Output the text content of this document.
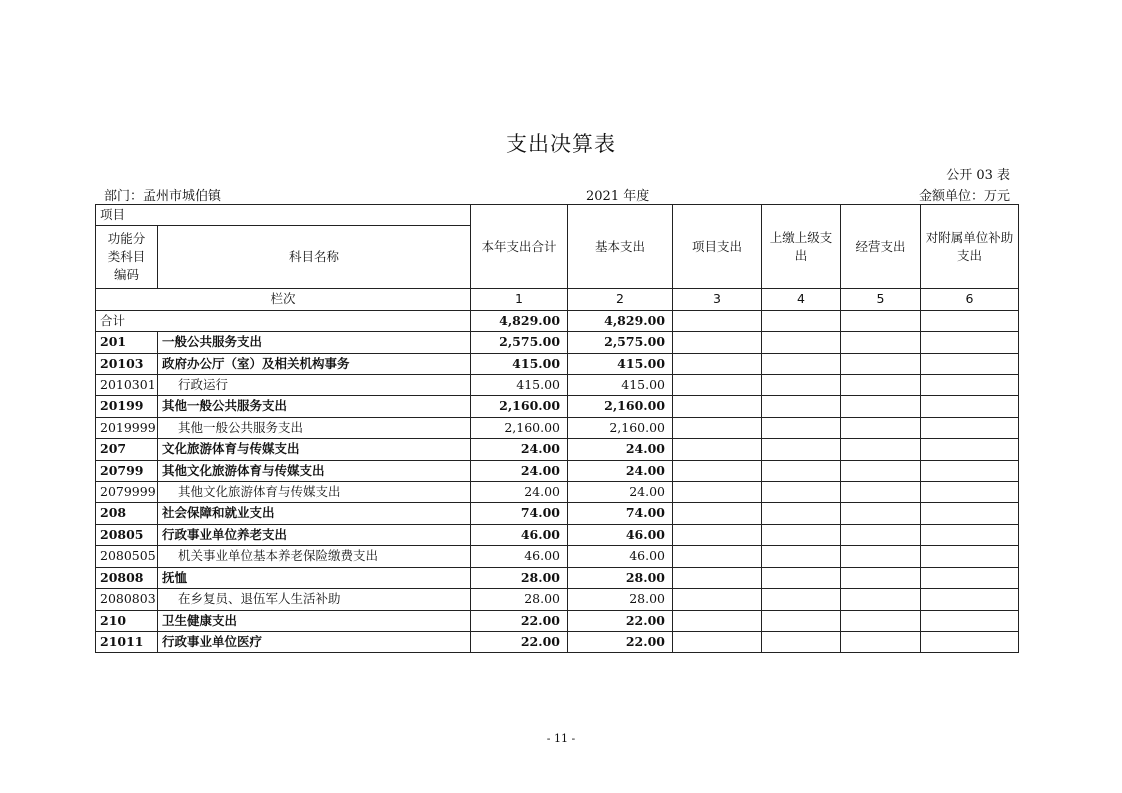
支出决算表
公开 03 表
部门：孟州市城伯镇	2021 年度	金额单位：万元
项目		本年支出合计	基本支出	项目支出	上缴上级支出	经营支出	对附属单位补助支出
功能分类科目编码	科目名称						
栏次		1	2	3	4	5	6
合计		4,829.00	4,829.00				
201	一般公共服务支出	2,575.00	2,575.00				
20103	政府办公厅（室）及相关机构事务	415.00	415.00				
2010301	行政运行	415.00	415.00				
20199	其他一般公共服务支出	2,160.00	2,160.00				
2019999	其他一般公共服务支出	2,160.00	2,160.00				
207	文化旅游体育与传媒支出	24.00	24.00				
20799	其他文化旅游体育与传媒支出	24.00	24.00				
2079999	其他文化旅游体育与传媒支出	24.00	24.00				
208	社会保障和就业支出	74.00	74.00				
20805	行政事业单位养老支出	46.00	46.00				
2080505	机关事业单位基本养老保险缴费支出	46.00	46.00				
20808	抚恤	28.00	28.00				
2080803	在乡复员、退伍军人生活补助	28.00	28.00				
210	卫生健康支出	22.00	22.00				
21011	行政事业单位医疗	22.00	22.00				
- 11 -
